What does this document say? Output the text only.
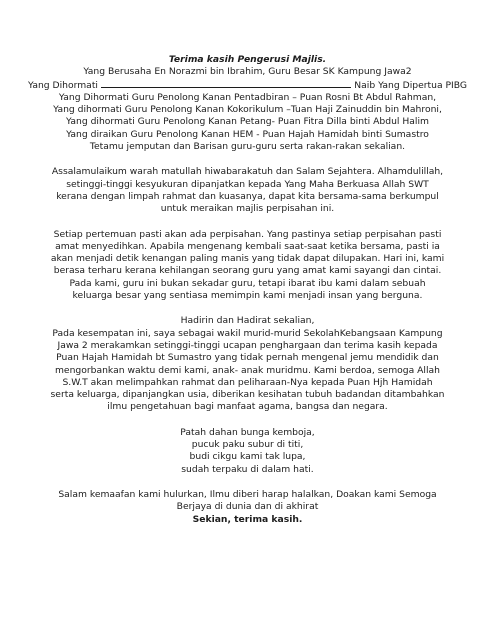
Terima kasih Pengerusi Majlis.

Yang Berusaha En Norazmi bin Ibrahim, Guru Besar SK Kampung Jawa2

Yang Dihormati	Naib Yang Dipertua PIBG

Yang Dihormati Guru Penolong Kanan Pentadbiran – Puan Rosni Bt Abdul Rahman,

Yang dihormati Guru Penolong Kanan Kokorikulum –Tuan Haji Zainuddin bin Mahroni,

Yang dihormati Guru Penolong Kanan Petang- Puan Fitra Dilla binti Abdul Halim

Yang diraikan Guru Penolong Kanan HEM - Puan Hajah Hamidah binti Sumastro

Tetamu jemputan dan Barisan guru-guru serta rakan-rakan sekalian.

Assalamulaikum warah matullah hiwabarakatuh dan Salam Sejahtera. Alhamdulillah,

setinggi-tinggi kesyukuran dipanjatkan kepada Yang Maha Berkuasa Allah SWT

kerana dengan limpah rahmat dan kuasanya, dapat kita bersama-sama berkumpul

untuk meraikan majlis perpisahan ini.

Setiap pertemuan pasti akan ada perpisahan. Yang pastinya setiap perpisahan pasti

amat menyedihkan. Apabila mengenang kembali saat-saat ketika bersama, pasti ia

akan menjadi detik kenangan paling manis yang tidak dapat dilupakan. Hari ini, kami

berasa terharu kerana kehilangan seorang guru yang amat kami sayangi dan cintai.

Pada kami, guru ini bukan sekadar guru, tetapi ibarat ibu kami dalam sebuah

keluarga besar yang sentiasa memimpin kami menjadi insan yang berguna.

Hadirin dan Hadirat sekalian,

Pada kesempatan ini, saya sebagai wakil murid-murid SekolahKebangsaan Kampung

Jawa 2 merakamkan setinggi-tinggi ucapan penghargaan dan terima kasih kepada

Puan Hajah Hamidah bt Sumastro yang tidak pernah mengenal jemu mendidik dan

mengorbankan waktu demi kami, anak- anak muridmu. Kami berdoa, semoga Allah

S.W.T akan melimpahkan rahmat dan peliharaan-Nya kepada Puan Hjh Hamidah

serta keluarga, dipanjangkan usia, diberikan kesihatan tubuh badandan ditambahkan

ilmu pengetahuan bagi manfaat agama, bangsa dan negara.

Patah dahan bunga kemboja,

pucuk paku subur di titi,

budi cikgu kami tak lupa,

sudah terpaku di dalam hati.

Salam kemaafan kami hulurkan, Ilmu diberi harap halalkan, Doakan kami Semoga

Berjaya di dunia dan di akhirat

Sekian, terima kasih.
